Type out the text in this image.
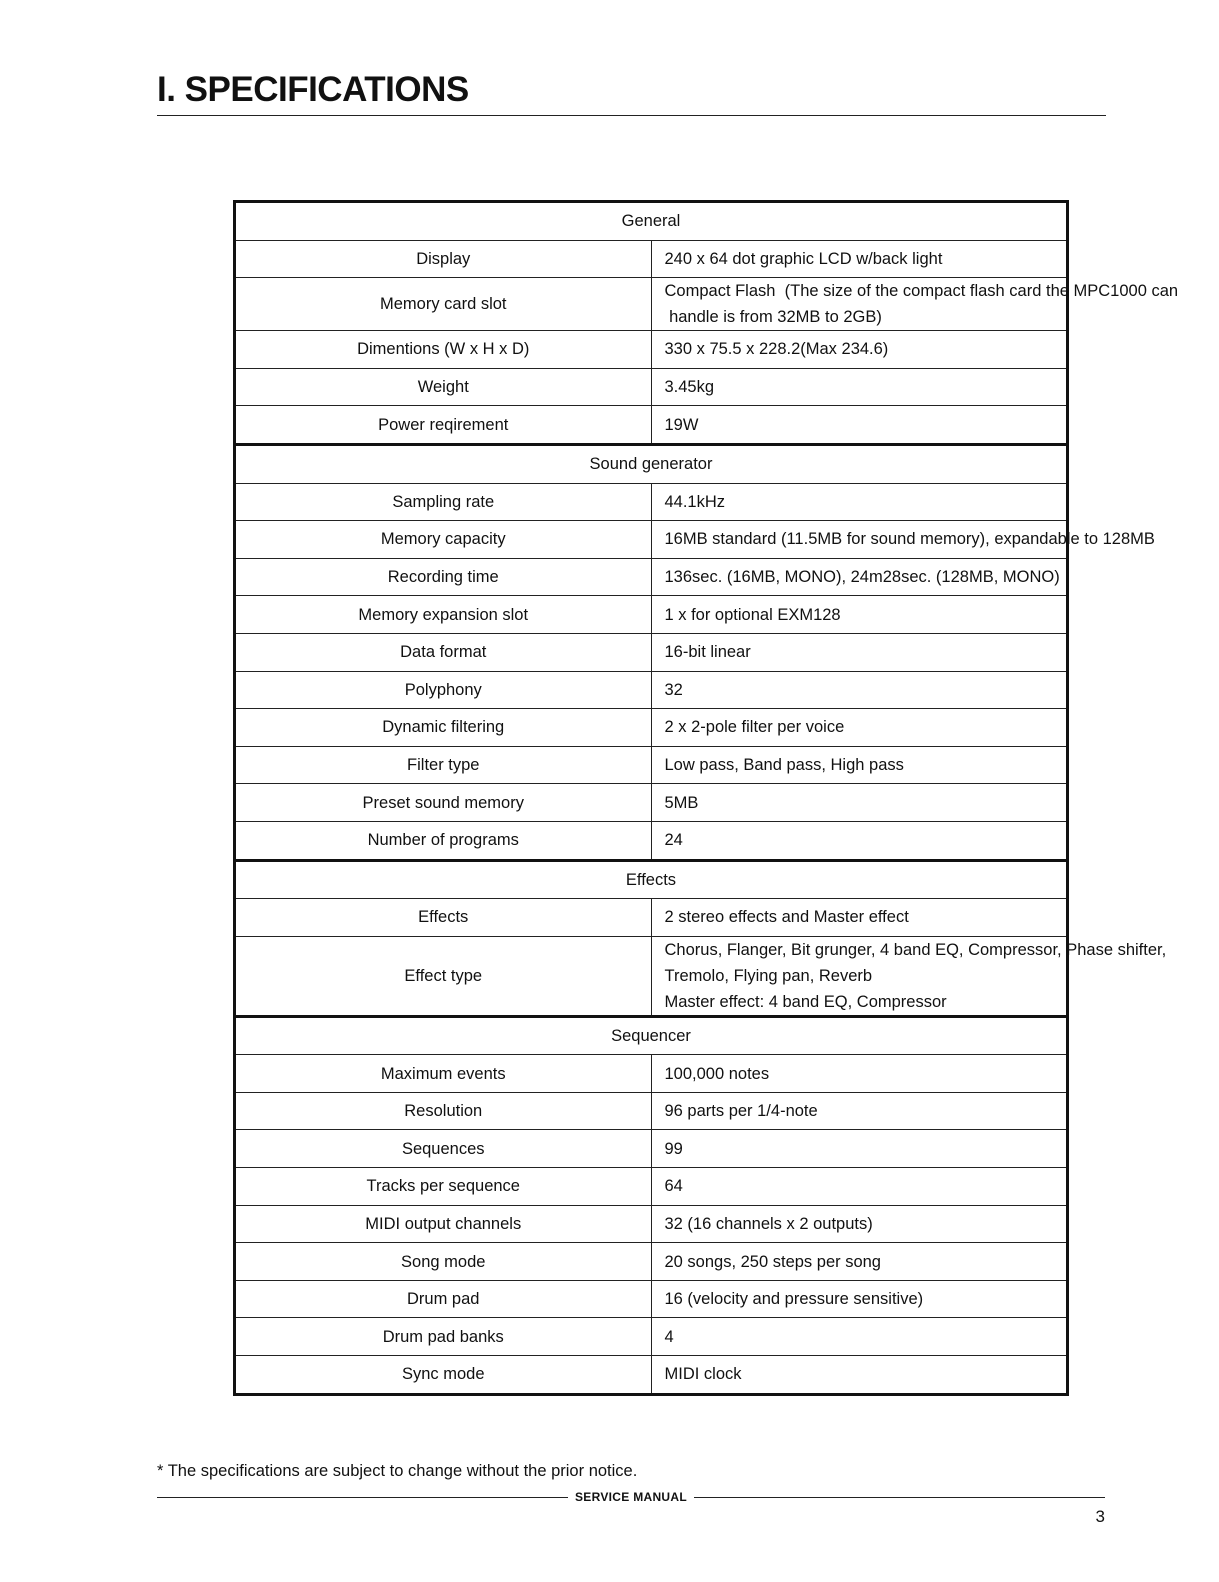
I. SPECIFICATIONS
General	
Display	240 x 64 dot graphic LCD w/back light

Memory card slot	Compact Flash  (The size of the compact flash card the MPC1000 can
handle is from 32MB to 2GB)

Dimentions (W x H x D)	330 x 75.5 x 228.2(Max 234.6)

Weight	3.45kg

Power reqirement	19W

Sound generator	
Sampling rate	44.1kHz

Memory capacity	16MB standard (11.5MB for sound memory), expandable to 128MB

Recording time	136sec. (16MB, MONO), 24m28sec. (128MB, MONO)

Memory expansion slot	1 x for optional EXM128

Data format	16-bit linear

Polyphony	32

Dynamic filtering	2 x 2-pole filter per voice

Filter type	Low pass, Band pass, High pass

Preset sound memory	5MB

Number of programs	24

Effects	
Effects	2 stereo effects and Master effect

Effect type	Chorus, Flanger, Bit grunger, 4 band EQ, Compressor, Phase shifter,
Tremolo, Flying pan, Reverb
Master effect: 4 band EQ, Compressor

Sequencer	
Maximum events	100,000 notes

Resolution	96 parts per 1/4-note

Sequences	99

Tracks per sequence	64

MIDI output channels	32 (16 channels x 2 outputs)

Song mode	20 songs, 250 steps per song

Drum pad	16 (velocity and pressure sensitive)

Drum pad banks	4

Sync mode	MIDI clock
* The specifications are subject to change without the prior notice.
SERVICE MANUAL
3
